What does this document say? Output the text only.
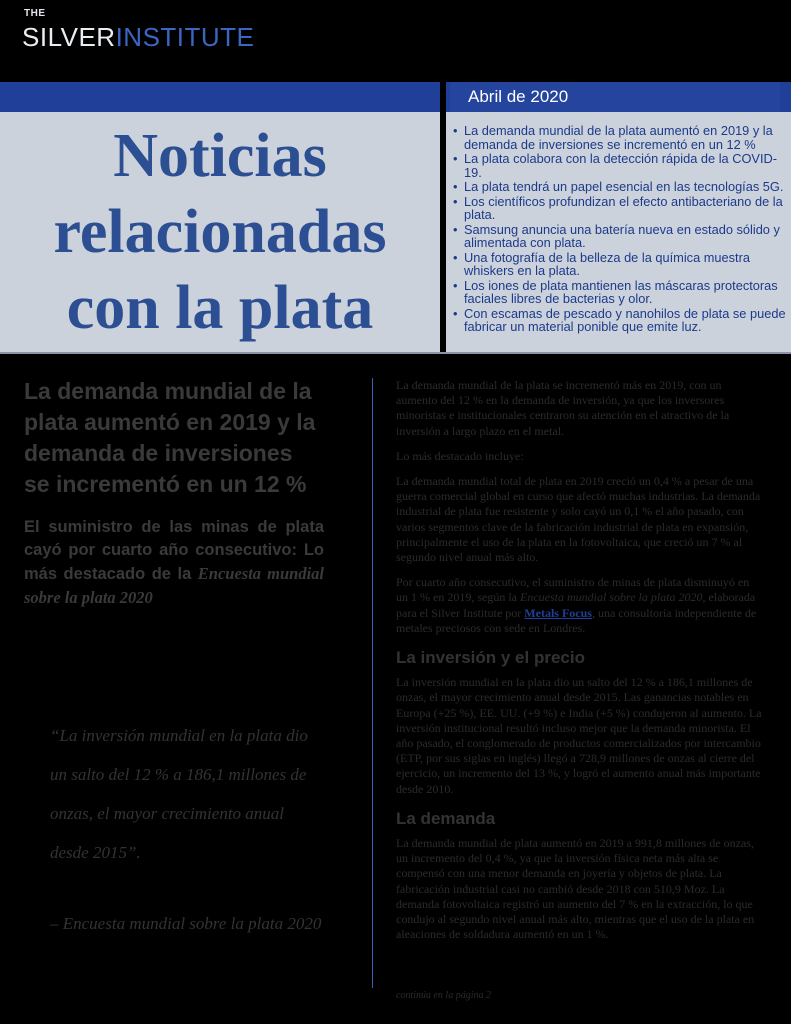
THE
SILVERINSTITUTE
Abril de 2020
Noticias
relacionadas
con la plata
• La demanda mundial de la plata aumentó en 2019 y la demanda de inversiones se incrementó en un 12 %
• La plata colabora con la detección rápida de la COVID-19.
• La plata tendrá un papel esencial en las tecnologías 5G.
• Los científicos profundizan el efecto antibacteriano de la plata.
• Samsung anuncia una batería nueva en estado sólido y alimentada con plata.
• Una fotografía de la belleza de la química muestra whiskers en la plata.
• Los iones de plata mantienen las máscaras protectoras faciales libres de bacterias y olor.
• Con escamas de pescado y nanohilos de plata se puede fabricar un material ponible que emite luz.
La demanda mundial de la plata aumentó en 2019 y la demanda de inversiones se incrementó en un 12 %
El suministro de las minas de plata cayó por cuarto año consecutivo: Lo más destacado de la Encuesta mundial sobre la plata 2020

La demanda mundial de la plata se incrementó más en 2019, con un aumento del 12 % en la demanda de inversión, ya que los inversores minoristas e institucionales centraron su atención en el atractivo de la inversión a largo plazo en el metal.

Lo más destacado incluye:

La demanda mundial total de plata en 2019 creció un 0,4 % a pesar de una guerra comercial global en curso que afectó muchas industrias. La demanda industrial de plata fue resistente y solo cayó un 0,1 % el año pasado, con varios segmentos clave de la fabricación industrial de plata en expansión, principalmente el uso de la plata en la fotovoltaica, que creció un 7 % al segundo nivel anual más alto.

Por cuarto año consecutivo, el suministro de minas de plata disminuyó en un 1 % en 2019, según la Encuesta mundial sobre la plata 2020, elaborada para el Silver Institute por Metals Focus, una consultoría independiente de metales preciosos con sede en Londres.

La inversión y el precio

La inversión mundial en la plata dio un salto del 12 % a 186,1 millones de onzas, el mayor crecimiento anual desde 2015. Las ganancias notables en Europa (+25 %), EE. UU. (+9 %) e India (+5 %) condujeron al aumento. La inversión institucional resultó incluso mejor que la demanda minorista. El año pasado, el conglomerado de productos comercializados por intercambio (ETP, por sus siglas en inglés) llegó a 728,9 millones de onzas al cierre del ejercicio, un incremento del 13 %, y logró el aumento anual más importante desde 2010.

La demanda

La demanda mundial de plata aumentó en 2019 a 991,8 millones de onzas, un incremento del 0,4 %, ya que la inversión física neta más alta se compensó con una menor demanda en joyería y objetos de plata. La fabricación industrial casi no cambió desde 2018 con 510,9 Moz. La demanda fotovoltaica registró un aumento del 7 % en la extracción, lo que condujo al segundo nivel anual más alto, mientras que el uso de la plata en aleaciones de soldadura aumentó en un 1 %.

“La inversión mundial en la plata dio un salto del 12 % a 186,1 millones de onzas, el mayor crecimiento anual desde 2015”.
– Encuesta mundial sobre la plata 2020
continúa en la página 2
